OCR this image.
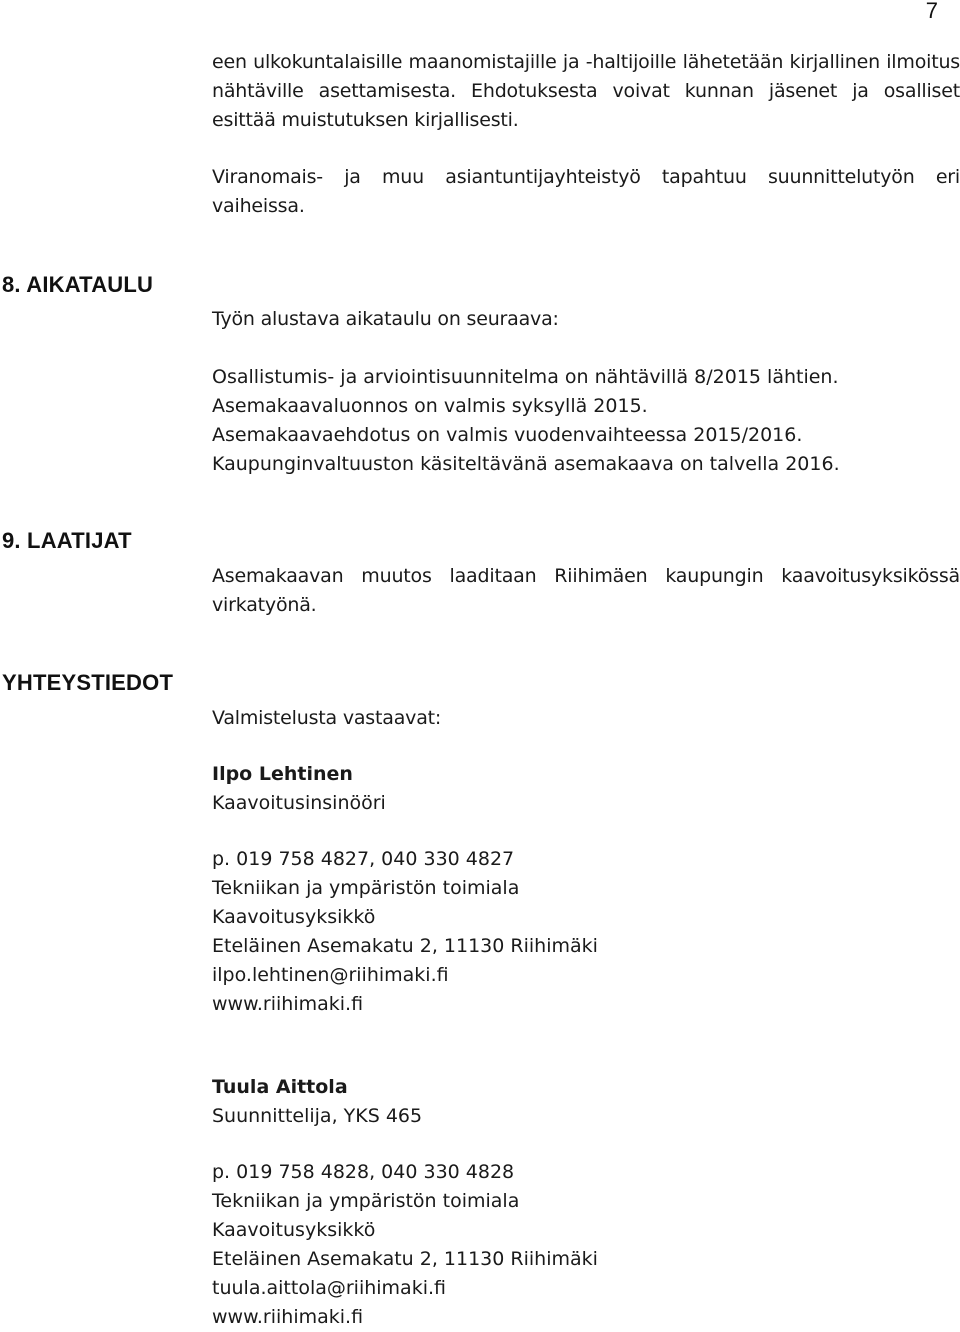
7

een ulkokuntalaisille maanomistajille ja -haltijoille lähetetään kirjallinen ilmoitus nähtäville asettamisesta. Ehdotuksesta voivat kunnan jäsenet ja osalliset esittää muistutuksen kirjallisesti.

Viranomais- ja muu asiantuntijayhteistyö tapahtuu suunnittelutyön eri vaiheissa.

8. AIKATAULU

Työn alustava aikataulu on seuraava:

Osallistumis- ja arviointisuunnitelma on nähtävillä 8/2015 lähtien.
Asemakaavaluonnos on valmis syksyllä 2015.
Asemakaavaehdotus on valmis vuodenvaihteessa 2015/2016.
Kaupunginvaltuuston käsiteltävänä asemakaava on talvella 2016.
9. LAATIJAT

Asemakaavan muutos laaditaan Riihimäen kaupungin kaavoitusyksikössä virkatyönä.

YHTEYSTIEDOT

Valmistelusta vastaavat:

Ilpo Lehtinen
Kaavoitusinsinööri
p. 019 758 4827, 040 330 4827
Tekniikan ja ympäristön toimiala
Kaavoitusyksikkö
Eteläinen Asemakatu 2, 11130 Riihimäki
ilpo.lehtinen@riihimaki.fi
www.riihimaki.fi
Tuula Aittola
Suunnittelija, YKS 465
p. 019 758 4828, 040 330 4828
Tekniikan ja ympäristön toimiala
Kaavoitusyksikkö
Eteläinen Asemakatu 2, 11130 Riihimäki
tuula.aittola@riihimaki.fi
www.riihimaki.fi
